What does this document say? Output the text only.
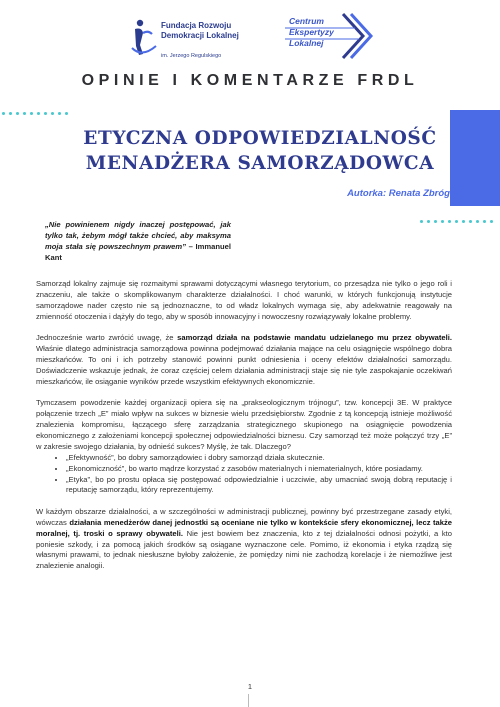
Fundacja Rozwoju
Demokracji Lokalnej
im. Jerzego Regulskiego
Centrum
Ekspertyzy
Lokalnej
OPINIE I KOMENTARZE FRDL
ETYCZNA ODPOWIEDZIALNOŚĆ
MENADŻERA SAMORZĄDOWCA
Autorka: Renata Zbróg
„Nie powinienem nigdy inaczej postępować, jak tylko tak, żebym mógł także chcieć, aby maksyma moja stała się powszechnym prawem” – Immanuel Kant

Samorząd lokalny zajmuje się rozmaitymi sprawami dotyczącymi własnego terytorium, co przesądza nie tylko o jego roli i znaczeniu, ale także o skomplikowanym charakterze działalności. I choć warunki, w których funkcjonują instytucje samorządowe nader często nie są jednoznaczne, to od władz lokalnych wymaga się, aby adekwatnie reagowały na zmienność otoczenia i dążyły do tego, aby w sposób innowacyjny i nowoczesny rozwiązywały lokalne problemy.

Jednocześnie warto zwrócić uwagę, że samorząd działa na podstawie mandatu udzielanego mu przez obywateli. Właśnie dlatego administracja samorządowa powinna podejmować działania mające na celu osiągnięcie wspólnego dobra mieszkańców. To oni i ich potrzeby stanowić powinni punkt odniesienia i oceny efektów działalności samorządu. Doświadczenie wskazuje jednak, że coraz częściej celem działania administracji staje się nie tyle zaspokajanie oczekiwań mieszkańców, ile osiąganie wyników przede wszystkim efektywnych ekonomicznie.

Tymczasem powodzenie każdej organizacji opiera się na „prakseologicznym trójnogu”, tzw. koncepcji 3E. W praktyce połączenie trzech „E” miało wpływ na sukces w biznesie wielu przedsiębiorstw. Zgodnie z tą koncepcją istnieje możliwość znalezienia kompromisu, łączącego sferę zarządzania strategicznego skupionego na osiągnięcie powodzenia ekonomicznego z założeniami koncepcji społecznej odpowiedzialności biznesu. Czy samorząd też może połączyć trzy „E” w zakresie swojego działania, by odnieść sukces? Myślę, że tak. Dlaczego?

• „Efektywność”, bo dobry samorządowiec i dobry samorząd działa skutecznie.
• „Ekonomiczność”, bo warto mądrze korzystać z zasobów materialnych i niematerialnych, które posiadamy.
• „Etyka”, bo po prostu opłaca się postępować odpowiedzialnie i uczciwie, aby umacniać swoją dobrą reputację i reputację samorządu, który reprezentujemy.

W każdym obszarze działalności, a w szczególności w administracji publicznej, powinny być przestrzegane zasady etyki, wówczas działania menedżerów danej jednostki są oceniane nie tylko w kontekście sfery ekonomicznej, lecz także moralnej, tj. troski o sprawy obywateli. Nie jest bowiem bez znaczenia, kto z tej działalności odnosi pożytki, a kto poniesie szkody, i za pomocą jakich środków są osiągane wyznaczone cele. Pomimo, iż ekonomia i etyka rządzą się własnymi prawami, to jednak niesłuszne byłoby założenie, że pomiędzy nimi nie zachodzą korelacje i że niemożliwe jest znalezienie analogii.

1
